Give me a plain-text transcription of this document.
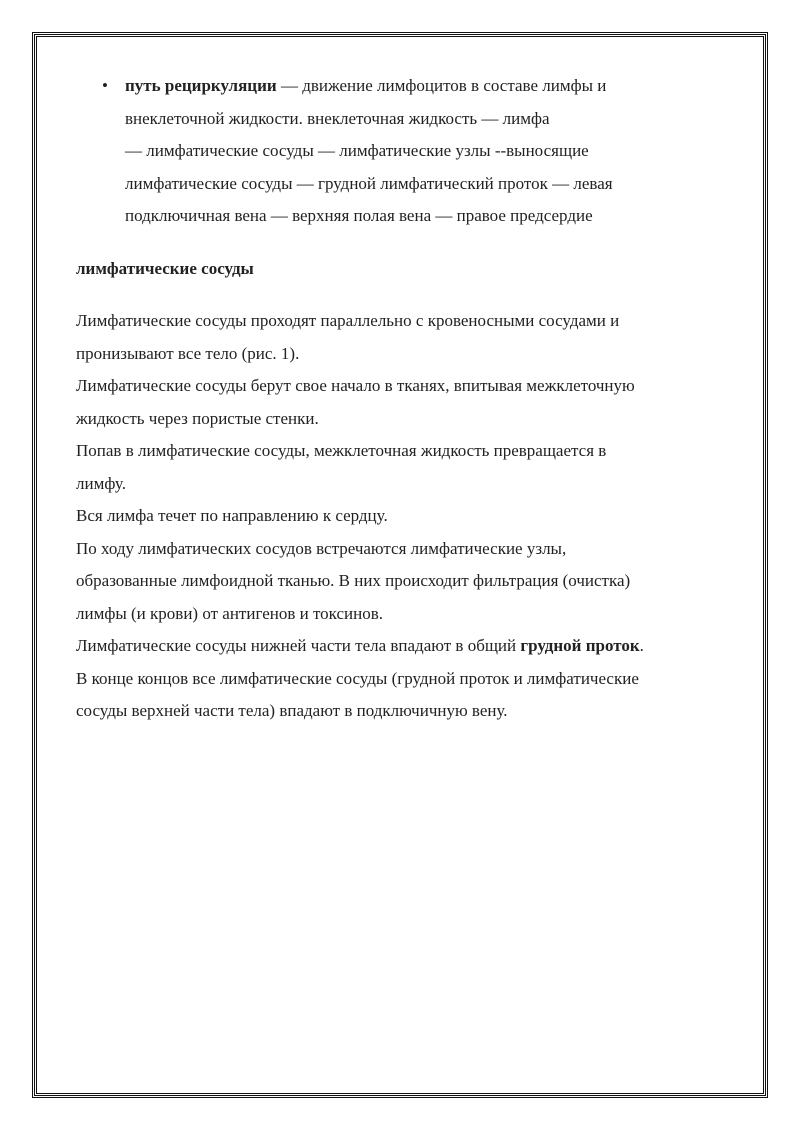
• путь рециркуляции — движение лимфоцитов в составе лимфы и

внеклеточной жидкости. внеклеточная жидкость — лимфа

— лимфатические сосуды — лимфатические узлы --выносящие

лимфатические сосуды — грудной лимфатический проток — левая

подключичная вена — верхняя полая вена — правое предсердие

лимфатические сосуды

Лимфатические сосуды проходят параллельно с кровеносными сосудами и

пронизывают все тело (рис. 1).

Лимфатические сосуды берут свое начало в тканях, впитывая межклеточную

жидкость через пористые стенки.

Попав в лимфатические сосуды, межклеточная жидкость превращается в

лимфу.

Вся лимфа течет по направлению к сердцу.

По ходу лимфатических сосудов встречаются лимфатические узлы,

образованные лимфоидной тканью. В них происходит фильтрация (очистка)

лимфы (и крови) от антигенов и токсинов.

Лимфатические сосуды нижней части тела впадают в общий грудной проток.

В конце концов все лимфатические сосуды (грудной проток и лимфатические

сосуды верхней части тела) впадают в подключичную вену.
